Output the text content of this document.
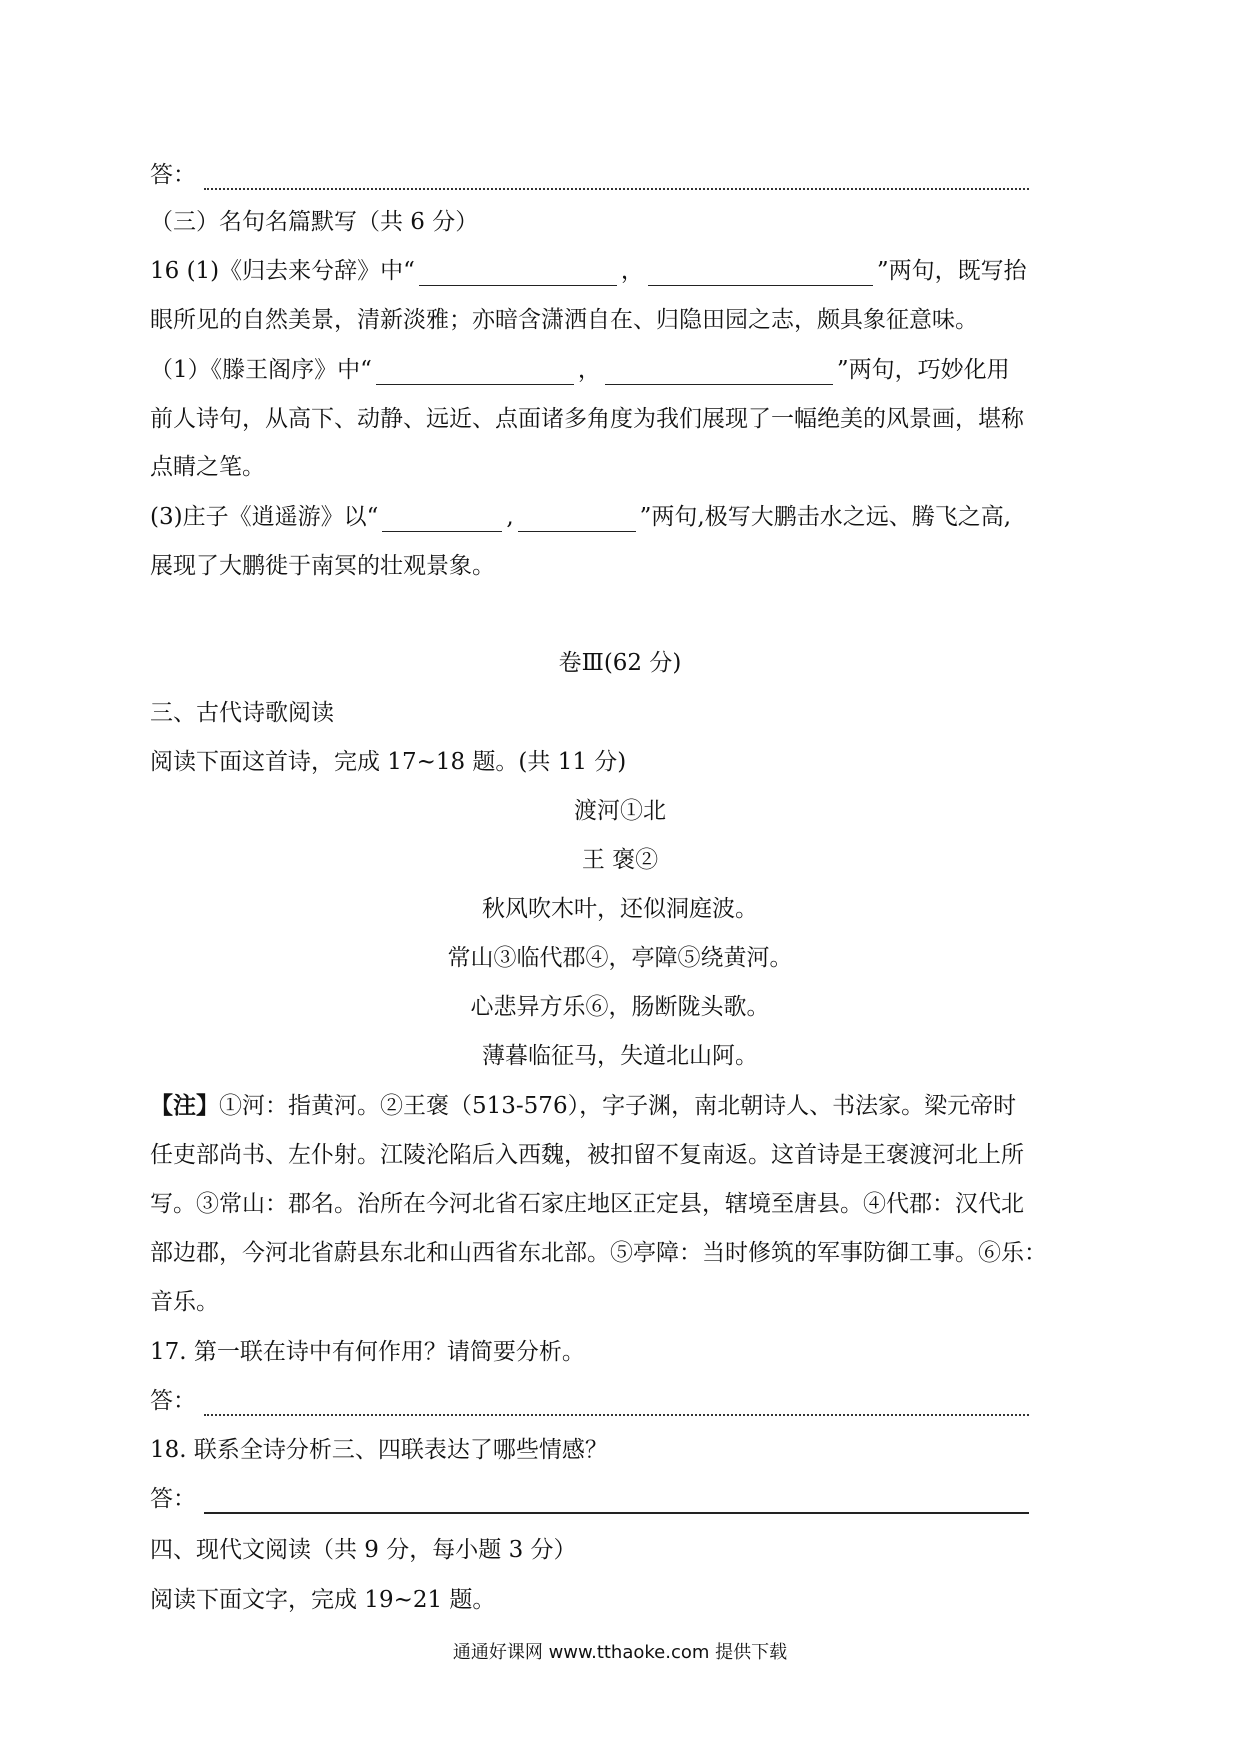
答：
（三）名句名篇默写（共 6 分）
16 (1)《归去来兮辞》中“	，	”两句，既写抬
眼所见的自然美景，清新淡雅；亦暗含潇洒自在、归隐田园之志，颇具象征意味。
（1）《滕王阁序》中“	，	”两句，巧妙化用
前人诗句，从高下、动静、远近、点面诸多角度为我们展现了一幅绝美的风景画，堪称
点睛之笔。
(3)庄子《逍遥游》以“	,	”两句,极写大鹏击水之远、腾飞之高,
展现了大鹏徙于南冥的壮观景象。
卷Ⅲ(62 分)
三、古代诗歌阅读
阅读下面这首诗，完成 17~18 题。(共 11 分)
渡河①北
王 褒②
秋风吹木叶，还似洞庭波。
常山③临代郡④，亭障⑤绕黄河。
心悲异方乐⑥，肠断陇头歌。
薄暮临征马，失道北山阿。
【注】①河：指黄河。②王褒（513-576），字子渊，南北朝诗人、书法家。梁元帝时
任吏部尚书、左仆射。江陵沦陷后入西魏，被扣留不复南返。这首诗是王褒渡河北上所
写。③常山：郡名。治所在今河北省石家庄地区正定县，辖境至唐县。④代郡：汉代北
部边郡，今河北省蔚县东北和山西省东北部。⑤亭障：当时修筑的军事防御工事。⑥乐：
音乐。
17. 第一联在诗中有何作用？请简要分析。
答：
18. 联系全诗分析三、四联表达了哪些情感？
答：
四、现代文阅读（共 9 分，每小题 3 分）
阅读下面文字，完成 19~21 题。
通通好课网 www.tthaoke.com 提供下载
